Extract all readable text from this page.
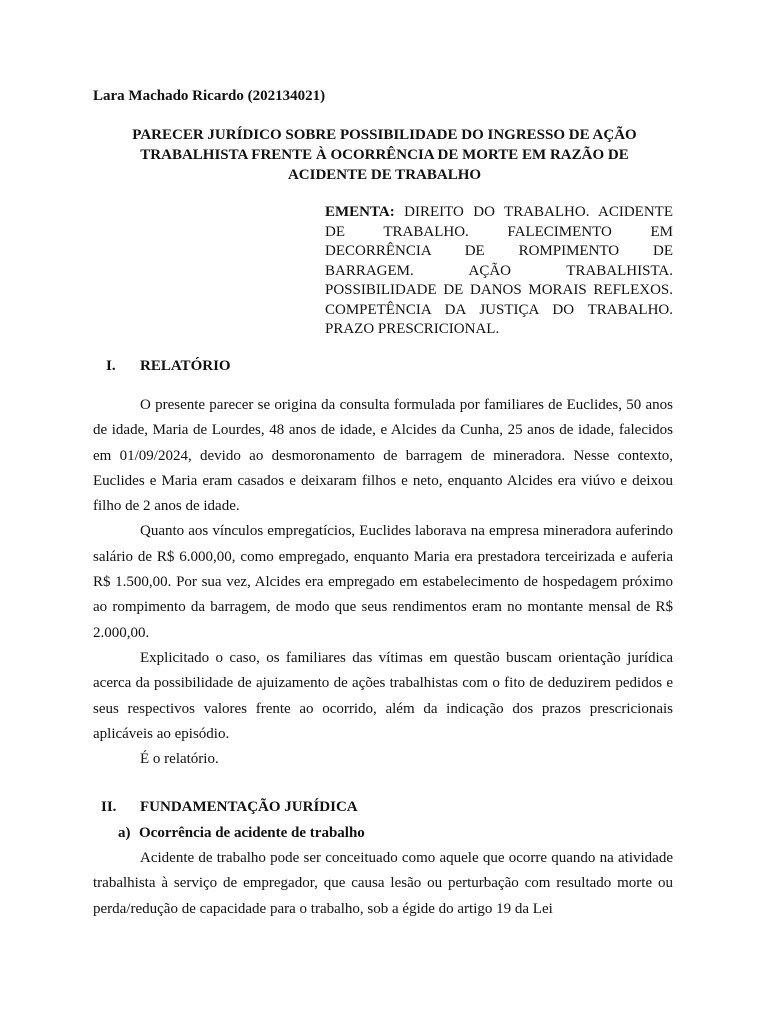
Lara Machado Ricardo (202134021)
PARECER JURÍDICO SOBRE POSSIBILIDADE DO INGRESSO DE AÇÃO
TRABALHISTA FRENTE À OCORRÊNCIA DE MORTE EM RAZÃO DE
ACIDENTE DE TRABALHO
EMENTA: DIREITO DO TRABALHO. ACIDENTE DE TRABALHO. FALECIMENTO EM DECORRÊNCIA DE ROMPIMENTO DE BARRAGEM. AÇÃO TRABALHISTA. POSSIBILIDADE DE DANOS MORAIS REFLEXOS. COMPETÊNCIA DA JUSTIÇA DO TRABALHO. PRAZO PRESCRICIONAL.
I. RELATÓRIO

O presente parecer se origina da consulta formulada por familiares de Euclides, 50 anos de idade, Maria de Lourdes, 48 anos de idade, e Alcides da Cunha, 25 anos de idade, falecidos em 01/09/2024, devido ao desmoronamento de barragem de mineradora. Nesse contexto, Euclides e Maria eram casados e deixaram filhos e neto, enquanto Alcides era viúvo e deixou filho de 2 anos de idade.

Quanto aos vínculos empregatícios, Euclides laborava na empresa mineradora auferindo salário de R$ 6.000,00, como empregado, enquanto Maria era prestadora terceirizada e auferia R$ 1.500,00. Por sua vez, Alcides era empregado em estabelecimento de hospedagem próximo ao rompimento da barragem, de modo que seus rendimentos eram no montante mensal de R$ 2.000,00.

Explicitado o caso, os familiares das vítimas em questão buscam orientação jurídica acerca da possibilidade de ajuizamento de ações trabalhistas com o fito de deduzirem pedidos e seus respectivos valores frente ao ocorrido, além da indicação dos prazos prescricionais aplicáveis ao episódio.

É o relatório.

II. FUNDAMENTAÇÃO JURÍDICA
a) Ocorrência de acidente de trabalho

Acidente de trabalho pode ser conceituado como aquele que ocorre quando na atividade trabalhista à serviço de empregador, que causa lesão ou perturbação com resultado morte ou perda/redução de capacidade para o trabalho, sob a égide do artigo 19 da Lei
